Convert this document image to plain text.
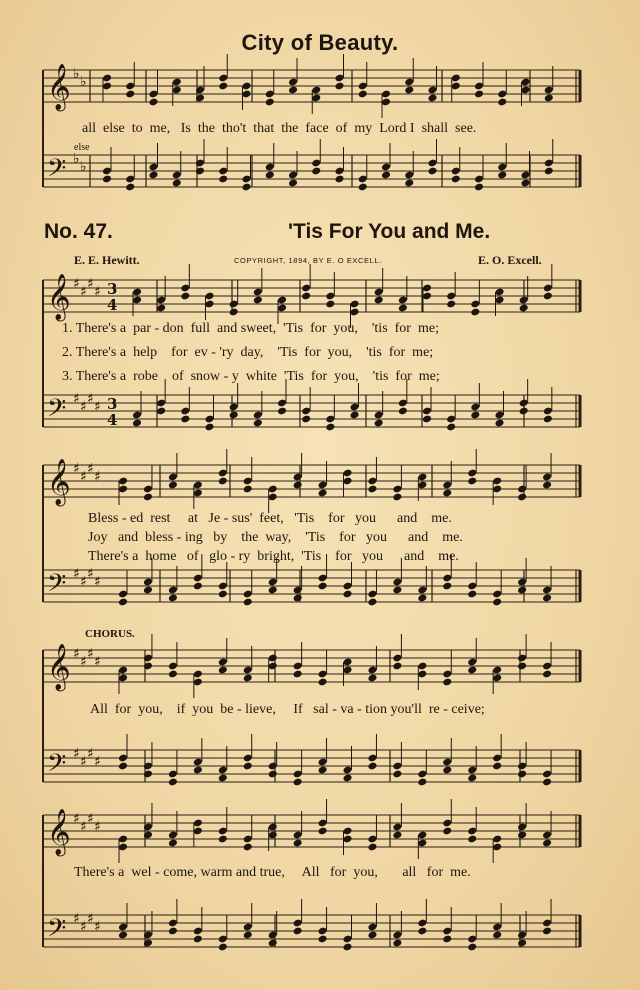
𝄞 ♭ ♭
𝄢 ♭ ♭
𝄞 ♯ ♯ ♯ ♯ 3
4
𝄢 ♯ ♯ ♯ ♯ 3
4
𝄞 ♯ ♯ ♯ ♯
𝄢 ♯ ♯ ♯ ♯
𝄞 ♯ ♯ ♯ ♯
𝄢 ♯ ♯ ♯ ♯
𝄞 ♯ ♯ ♯ ♯
𝄢 ♯ ♯ ♯ ♯
City of Beauty.
all  else  to  me,   Is  the  tho't  that  the  face  of  my  Lord I  shall  see.
else
No. 47.	'Tis For You and Me.
E. E. Hewitt.	COPYRIGHT, 1894, BY E. O EXCELL.	E. O. Excell.
1. There's a  par - don  full  and sweet,  'Tis  for  you,    'tis  for  me;
2. There's a  help    for  ev - 'ry  day,    'Tis  for  you,    'tis  for  me;
3. There's a  robe    of  snow - y  white  'Tis  for  you,    'tis  for  me;
Bless - ed  rest     at   Je - sus'  feet,   'Tis    for   you      and    me.
Joy   and  bless - ing   by    the  way,    'Tis    for   you      and    me.
There's a  home   of   glo - ry  bright,  'Tis    for   you      and    me.
CHORUS.
All  for  you,    if  you  be - lieve,     If   sal - va - tion you'll  re - ceive;
There's a  wel - come, warm and true,     All   for  you,       all   for  me.
